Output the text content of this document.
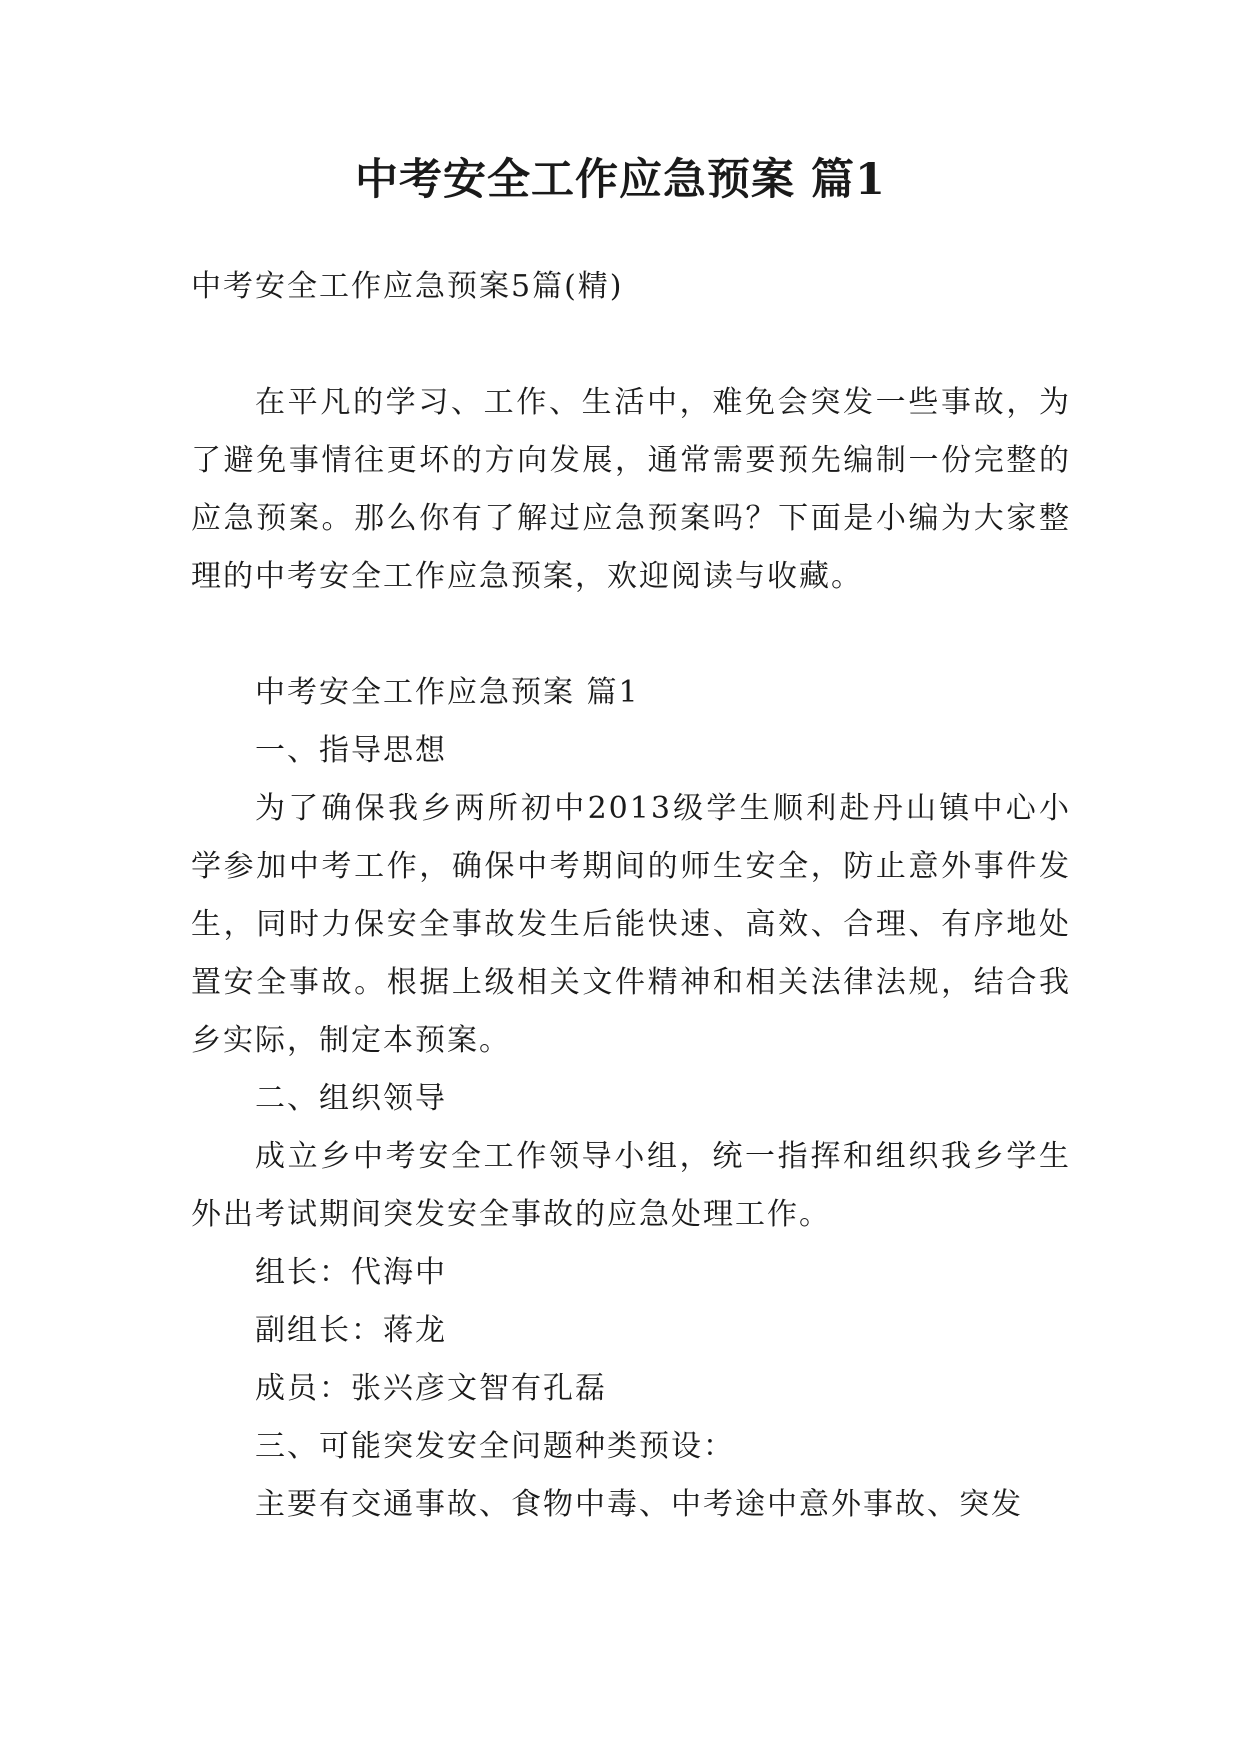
中考安全工作应急预案 篇1

中考安全工作应急预案5篇(精)

在平凡的学习、工作、生活中，难免会突发一些事故，为了避免事情往更坏的方向发展，通常需要预先编制一份完整的应急预案。那么你有了解过应急预案吗？下面是小编为大家整理的中考安全工作应急预案，欢迎阅读与收藏。

中考安全工作应急预案 篇1

一、指导思想

为了确保我乡两所初中2013级学生顺利赴丹山镇中心小学参加中考工作，确保中考期间的师生安全，防止意外事件发生，同时力保安全事故发生后能快速、高效、合理、有序地处置安全事故。根据上级相关文件精神和相关法律法规，结合我乡实际，制定本预案。

二、组织领导

成立乡中考安全工作领导小组，统一指挥和组织我乡学生外出考试期间突发安全事故的应急处理工作。

组长：代海中

副组长：蒋龙

成员：张兴彦文智有孔磊

三、可能突发安全问题种类预设：

主要有交通事故、食物中毒、中考途中意外事故、突发
